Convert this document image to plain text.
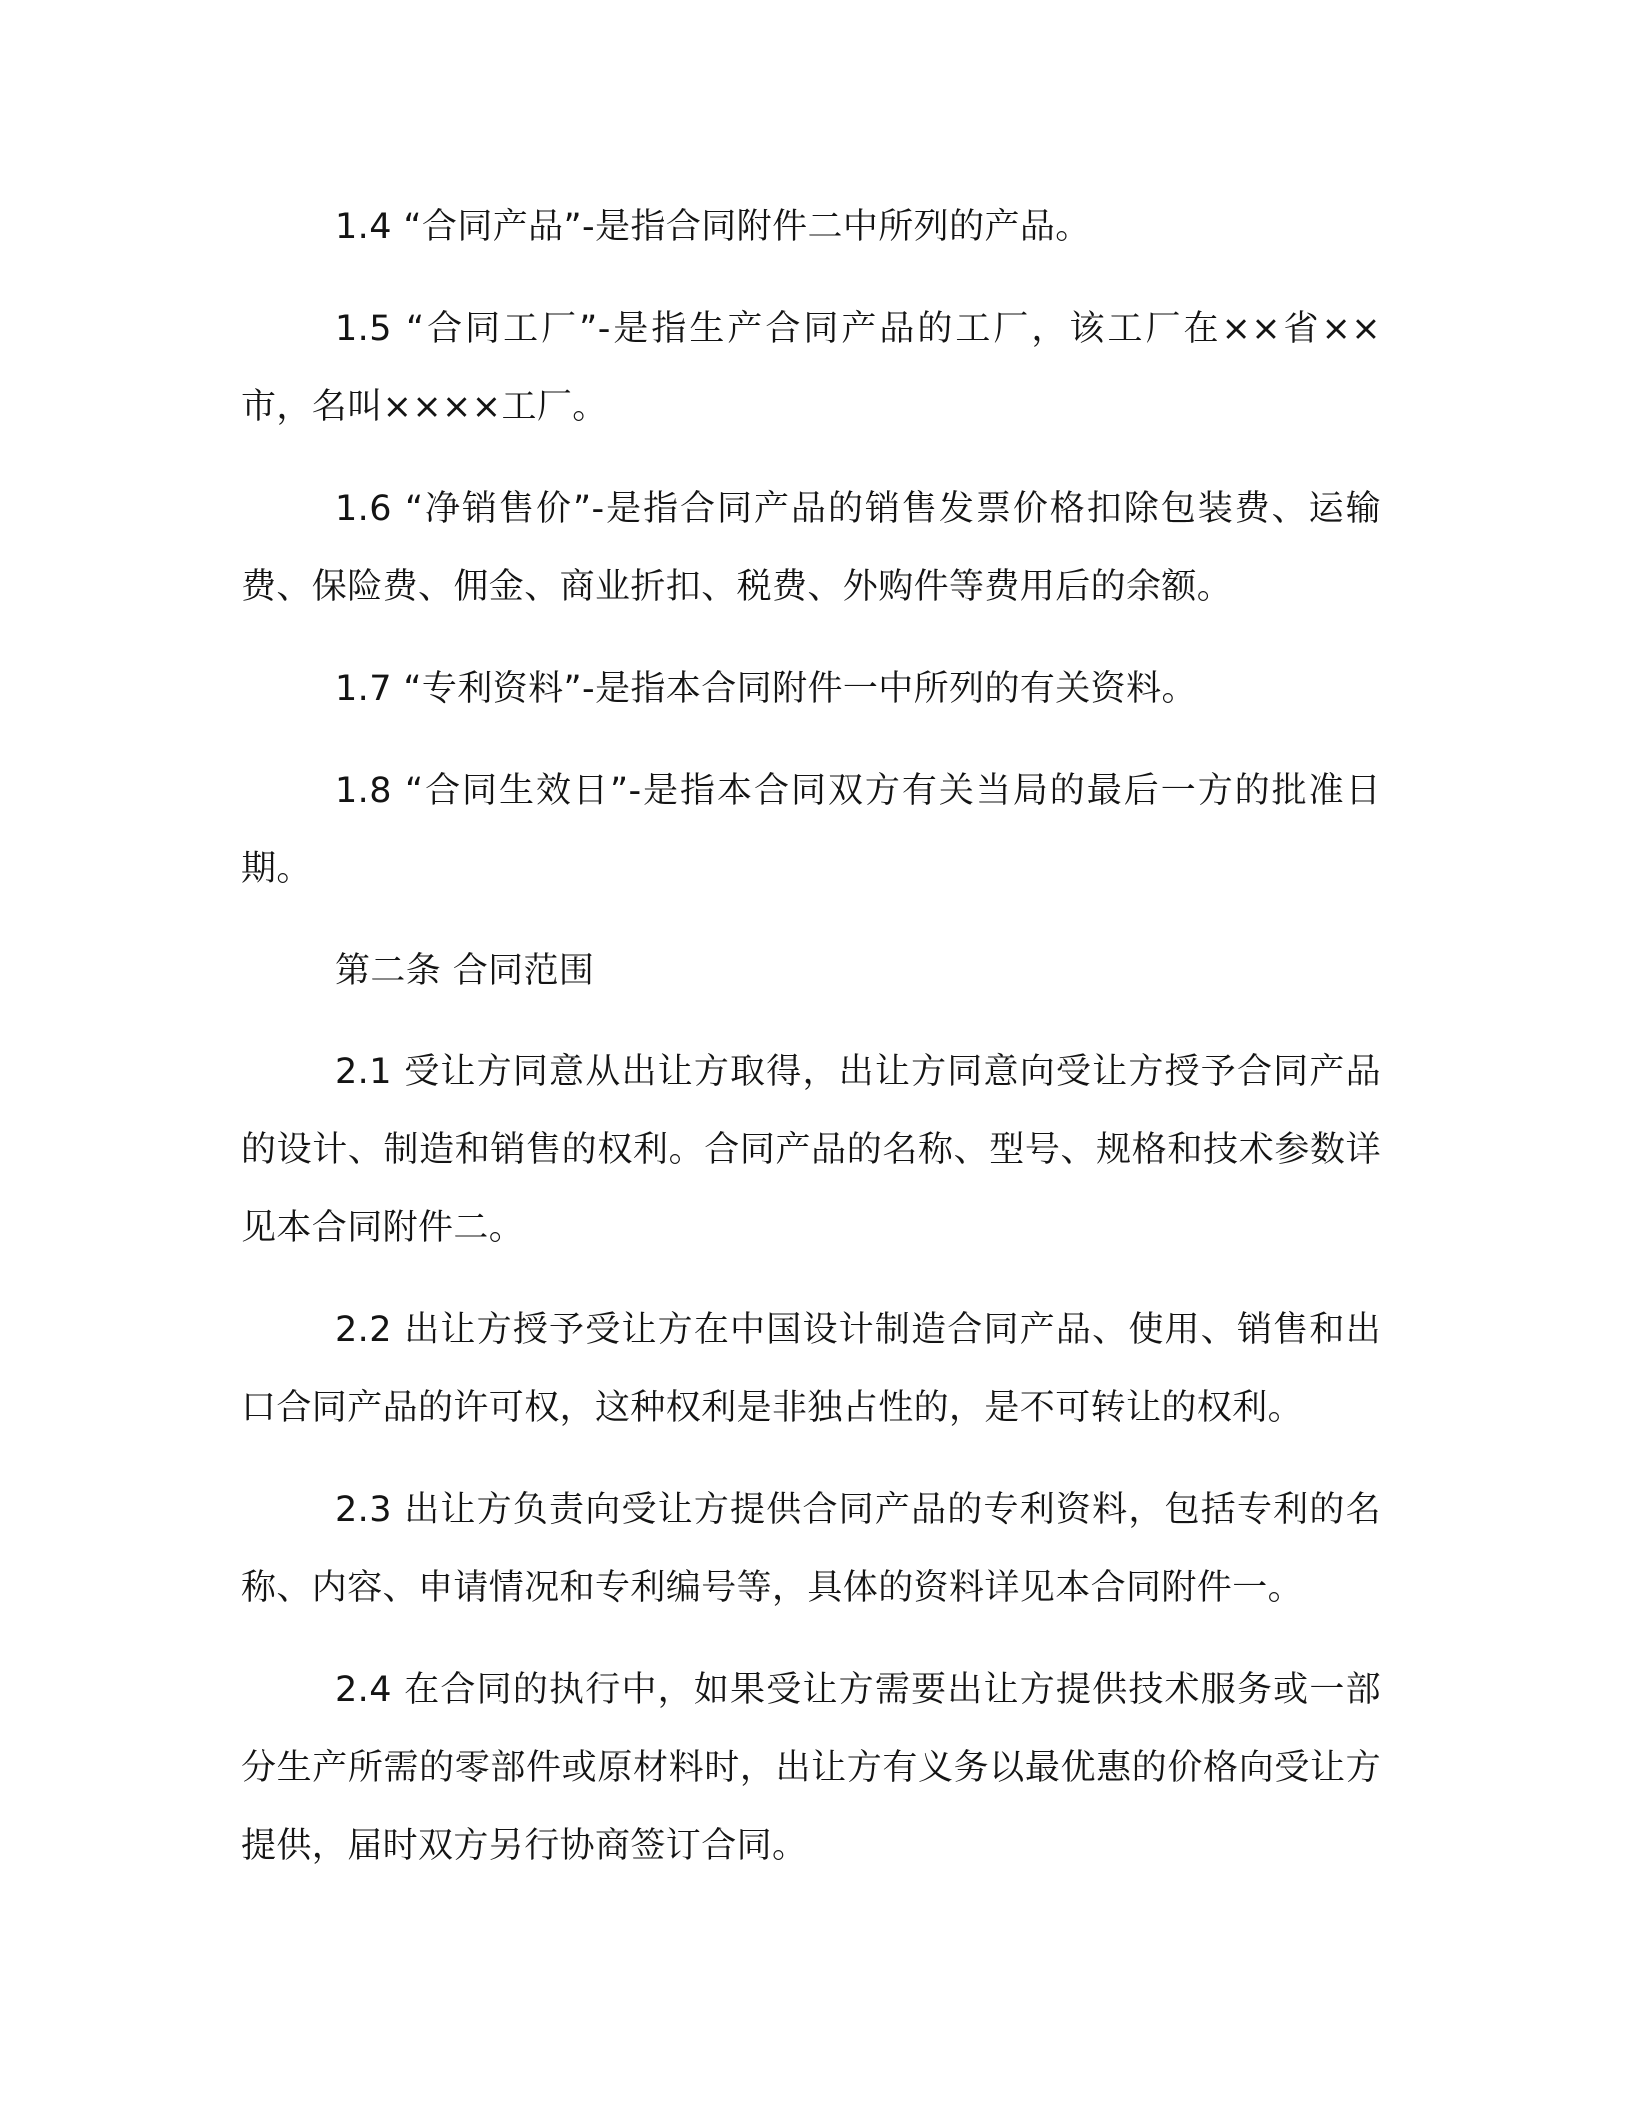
1.4 “合同产品”-是指合同附件二中所列的产品。

1.5 “合同工厂”-是指生产合同产品的工厂，该工厂在××省××市，名叫××××工厂。

1.6 “净销售价”-是指合同产品的销售发票价格扣除包装费、运输费、保险费、佣金、商业折扣、税费、外购件等费用后的余额。

1.7 “专利资料”-是指本合同附件一中所列的有关资料。

1.8 “合同生效日”-是指本合同双方有关当局的最后一方的批准日期。

第二条 合同范围

2.1 受让方同意从出让方取得，出让方同意向受让方授予合同产品的设计、制造和销售的权利。合同产品的名称、型号、规格和技术参数详见本合同附件二。

2.2 出让方授予受让方在中国设计制造合同产品、使用、销售和出口合同产品的许可权，这种权利是非独占性的，是不可转让的权利。

2.3 出让方负责向受让方提供合同产品的专利资料，包括专利的名称、内容、申请情况和专利编号等，具体的资料详见本合同附件一。

2.4 在合同的执行中，如果受让方需要出让方提供技术服务或一部分生产所需的零部件或原材料时，出让方有义务以最优惠的价格向受让方提供，届时双方另行协商签订合同。
